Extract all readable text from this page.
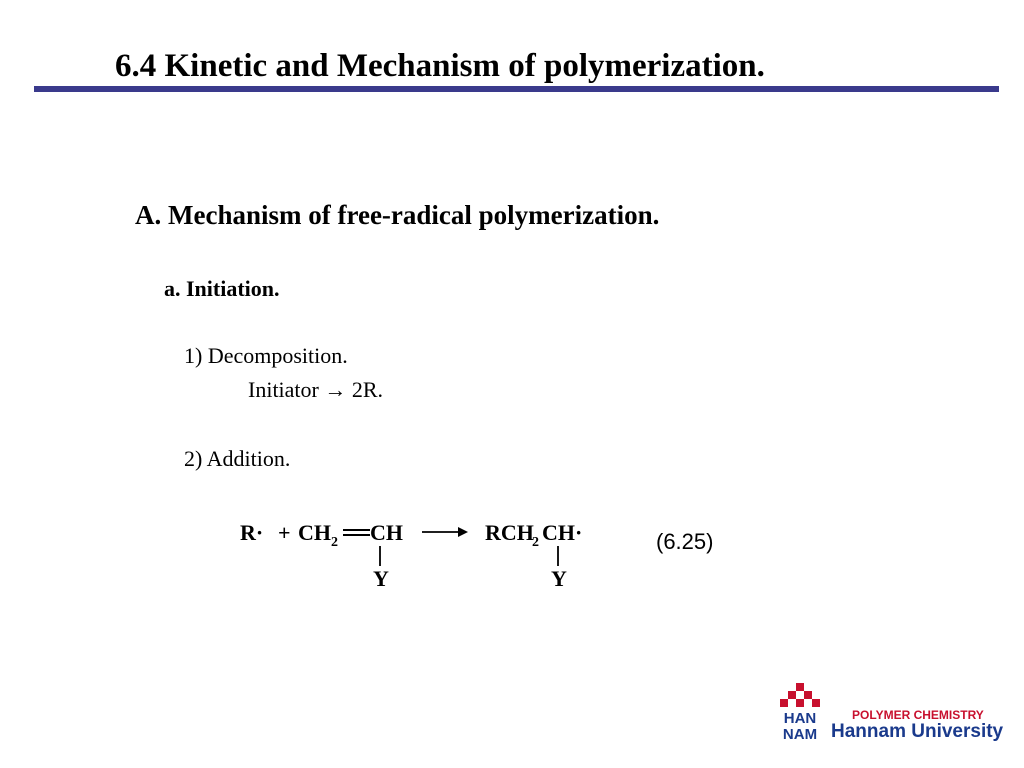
6.4 Kinetic and Mechanism of polymerization.
A. Mechanism of free-radical polymerization.
a. Initiation.
1) Decomposition.
Initiator → 2R.
2) Addition.
R· + CH 2 CH
Y
RCH
2 CH·
Y
(6.25)
HAN
NAM
POLYMER CHEMISTRY
Hannam University
